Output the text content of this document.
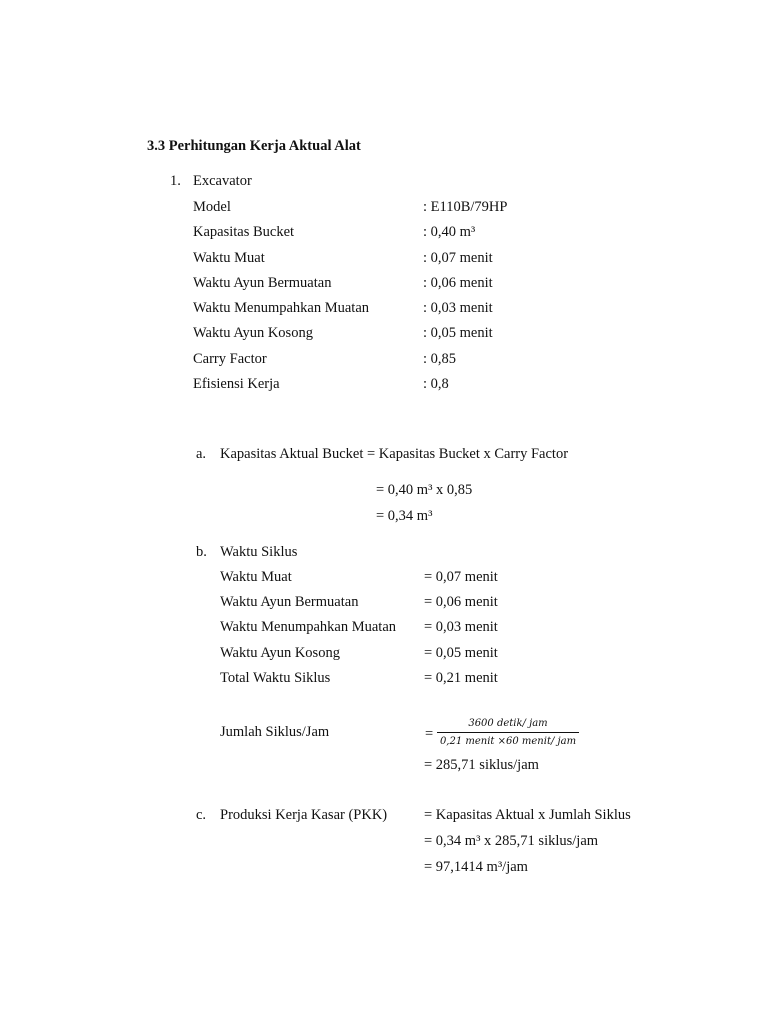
3.3 Perhitungan Kerja Aktual Alat
1. Excavator
Model	: E110B/79HP
Kapasitas Bucket	: 0,40 m³
Waktu Muat	: 0,07 menit
Waktu Ayun Bermuatan	: 0,06 menit
Waktu Menumpahkan Muatan	: 0,03 menit
Waktu Ayun Kosong	: 0,05 menit
Carry Factor	: 0,85
Efisiensi Kerja	: 0,8
a. Kapasitas Aktual Bucket = Kapasitas Bucket x Carry Factor
= 0,40 m³ x 0,85
= 0,34 m³
b. Waktu Siklus
Waktu Muat	= 0,07 menit
Waktu Ayun Bermuatan	= 0,06 menit
Waktu Menumpahkan Muatan = 0,03 menit
Waktu Ayun Kosong	= 0,05 menit
Total Waktu Siklus	= 0,21 menit
Jumlah Siklus/Jam	=
3600 detik/ jam
0,21 menit ×60 menit/ jam
= 285,71 siklus/jam
c. Produksi Kerja Kasar (PKK)	= Kapasitas Aktual x Jumlah Siklus
= 0,34 m³ x 285,71 siklus/jam
= 97,1414 m³/jam
